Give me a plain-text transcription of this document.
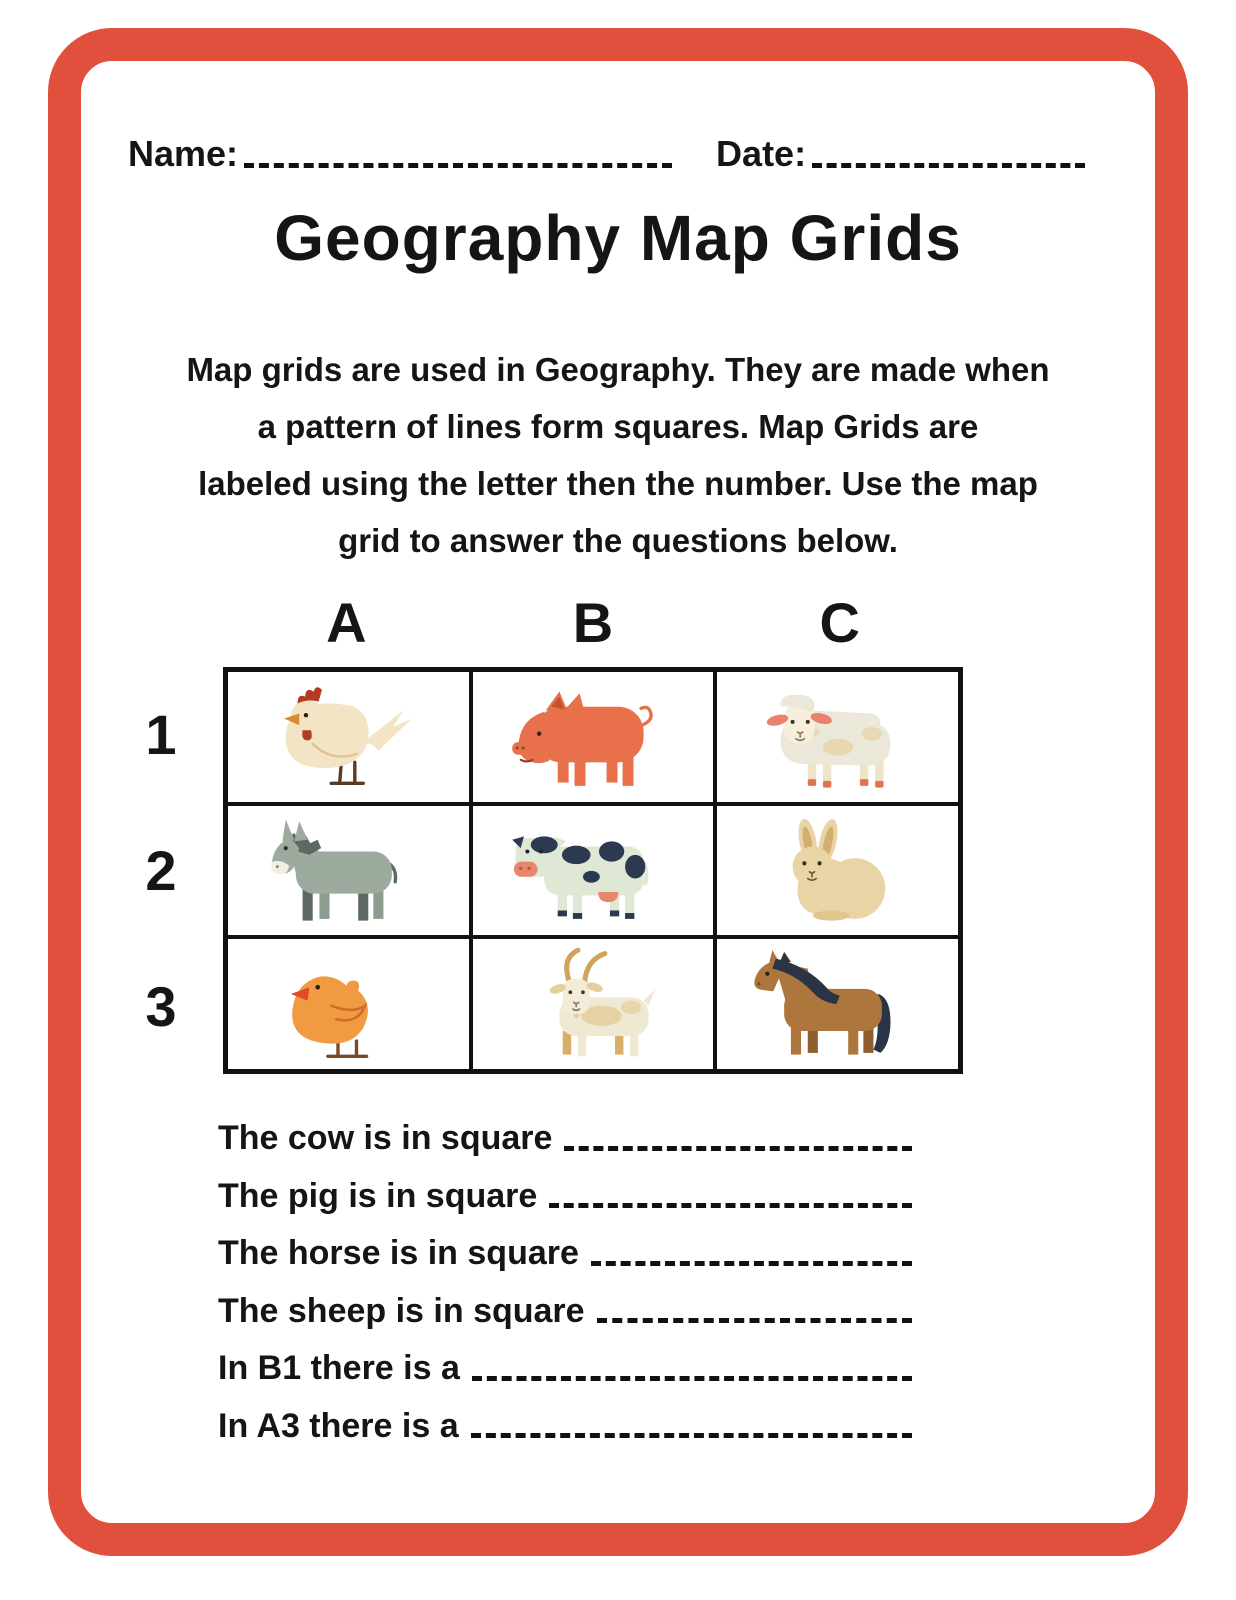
Name:	Date:
Geography Map Grids
Map grids are used in Geography. They are made when
a pattern of lines form squares. Map Grids are
labeled using the letter then the number. Use the map
grid to answer the questions below.
A	B	C
1
2
3
The cow is in square
The pig is in square
The horse is in square
The sheep is in square
In B1 there is a
In A3 there is a
